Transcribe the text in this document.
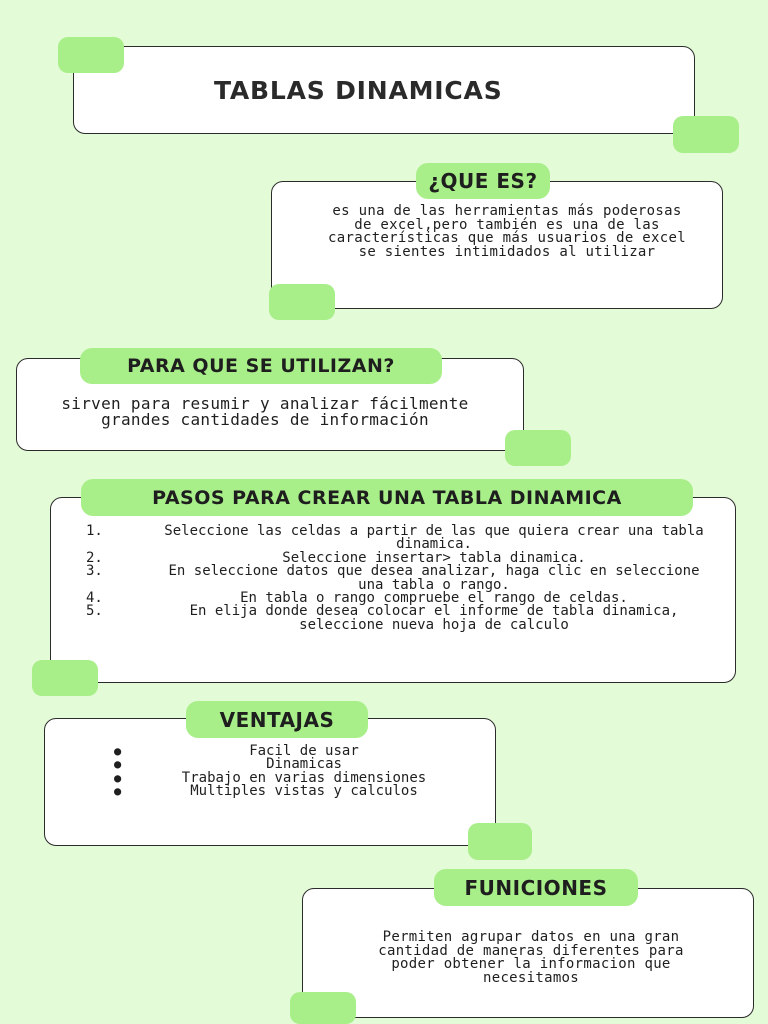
TABLAS DINAMICAS
¿QUE ES?
es una de las herramientas más poderosas de excel,pero también es una de las características que más usuarios de excel se sientes intimidados al utilizar
PARA QUE SE UTILIZAN?
sirven para resumir y analizar fácilmente grandes cantidades de información
PASOS PARA CREAR UNA TABLA DINAMICA
1.	Seleccione las celdas a partir de las que quiera crear una tabla dinamica.
2.	Seleccione insertar> tabla dinamica.
3.	En seleccione datos que desea analizar, haga clic en seleccione una tabla o rango.
4.	En tabla o rango compruebe el rango de celdas.
5.	En elija donde desea colocar el informe de tabla dinamica, seleccione nueva hoja de calculo
VENTAJAS
●	Facil de usar
●	Dinamicas
●	Trabajo en varias dimensiones
●	Multiples vistas y calculos
FUNICIONES
Permiten agrupar datos en una gran cantidad de maneras diferentes para poder obtener la informacion que necesitamos
